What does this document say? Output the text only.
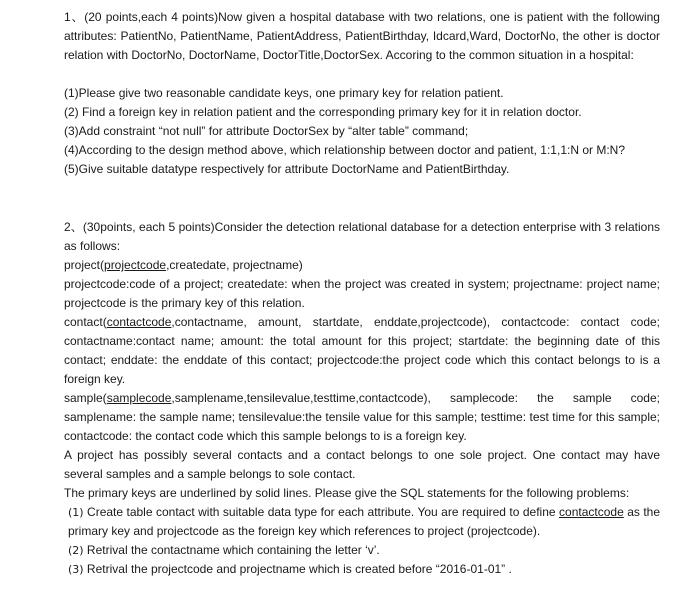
1、(20 points,each 4 points)Now given a hospital database with two relations, one is patient with the following attributes: PatientNo, PatientName, PatientAddress, PatientBirthday, Idcard,Ward, DoctorNo, the other is doctor relation with DoctorNo, DoctorName, DoctorTitle,DoctorSex. Accoring to the common situation in a hospital:

(1)Please give two reasonable candidate keys, one primary key for relation patient.

(2) Find a foreign key in relation patient and the corresponding primary key for it in relation doctor.

(3)Add constraint “not null” for attribute DoctorSex by “alter table” command;

(4)According to the design method above, which relationship between doctor and patient, 1:1,1:N or M:N?

(5)Give suitable datatype respectively for attribute DoctorName and PatientBirthday.

2、(30points, each 5 points)Consider the detection relational database for a detection enterprise with 3 relations as follows:

project(projectcode,createdate, projectname)

projectcode:code of a project; createdate: when the project was created in system; projectname: project name; projectcode is the primary key of this relation.

contact(contactcode,contactname, amount, startdate, enddate,projectcode), contactcode: contact code; contactname:contact name; amount: the total amount for this project; startdate: the beginning date of this contact; enddate: the enddate of this contact; projectcode:the project code which this contact belongs to is a foreign key.

sample(samplecode,samplename,tensilevalue,testtime,contactcode), samplecode: the sample code; samplename: the sample name; tensilevalue:the tensile value for this sample; testtime: test time for this sample; contactcode: the contact code which this sample belongs to is a foreign key.

A project has possibly several contacts and a contact belongs to one sole project. One contact may have several samples and a sample belongs to sole contact.

The primary keys are underlined by solid lines. Please give the SQL statements for the following problems:

(1) Create table contact with suitable data type for each attribute. You are required to define contactcode as the primary key and projectcode as the foreign key which references to project (projectcode).

(2) Retrival the contactname which containing the letter ‘v’.

(3) Retrival the projectcode and projectname which is created before “2016-01-01” .
